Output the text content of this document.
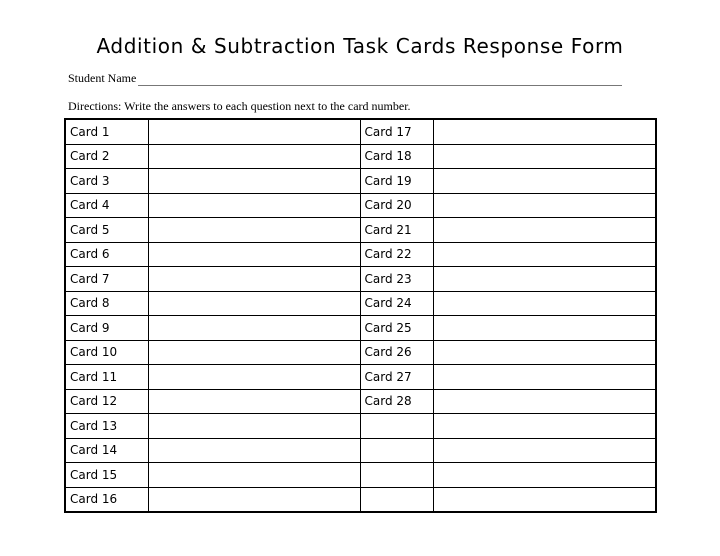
Addition & Subtraction Task Cards Response Form
Student Name
Directions: Write the answers to each question next to the card number.
Card 1		Card 17	
Card 2		Card 18	
Card 3		Card 19	
Card 4		Card 20	
Card 5		Card 21	
Card 6		Card 22	
Card 7		Card 23	
Card 8		Card 24	
Card 9		Card 25	
Card 10		Card 26	
Card 11		Card 27	
Card 12		Card 28	
Card 13			
Card 14			
Card 15			
Card 16			
